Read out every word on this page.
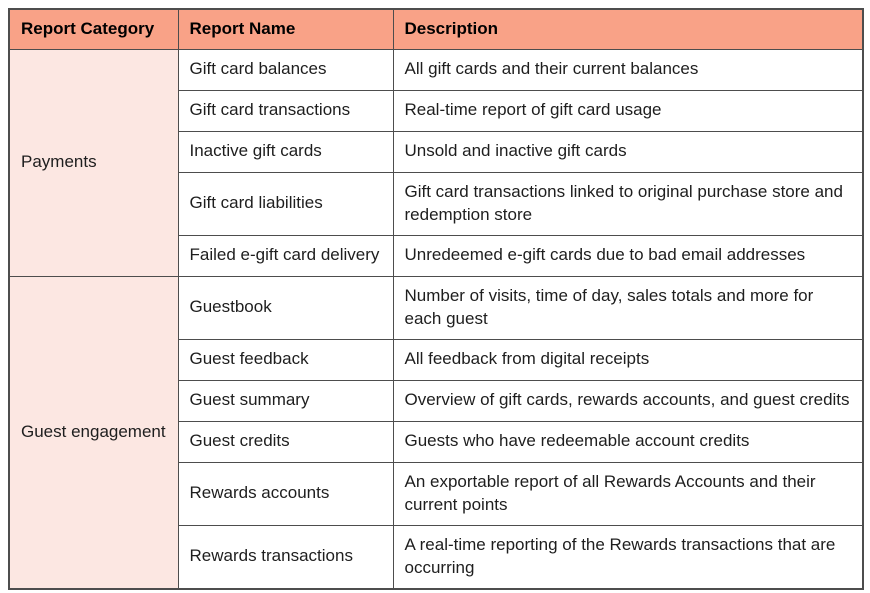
Report Category	Report Name	Description
Payments	Gift card balances	All gift cards and their current balances
	Gift card transactions	Real-time report of gift card usage
	Inactive gift cards	Unsold and inactive gift cards
	Gift card liabilities	Gift card transactions linked to original purchase store and redemption store
	Failed e-gift card delivery	Unredeemed e-gift cards due to bad email addresses
Guest engagement	Guestbook	Number of visits, time of day, sales totals and more for each guest
	Guest feedback	All feedback from digital receipts
	Guest summary	Overview of gift cards, rewards accounts, and guest credits
	Guest credits	Guests who have redeemable account credits
	Rewards accounts	An exportable report of all Rewards Accounts and their current points
	Rewards transactions	A real-time reporting of the Rewards transactions that are occurring
